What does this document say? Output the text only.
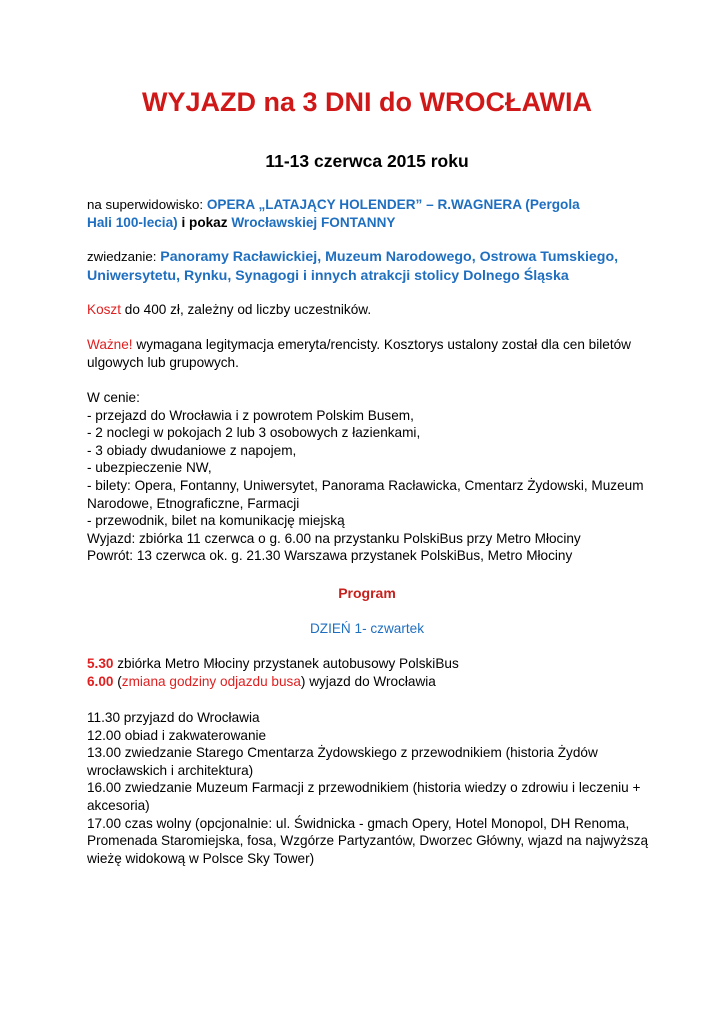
WYJAZD na 3 DNI do WROCŁAWIA
11-13 czerwca 2015 roku
na superwidowisko: OPERA „LATAJĄCY HOLENDER” – R.WAGNERA (Pergola
Hali 100-lecia) i pokaz Wrocławskiej FONTANNY
zwiedzanie: Panoramy Racławickiej, Muzeum Narodowego, Ostrowa Tumskiego,
Uniwersytetu, Rynku, Synagogi i innych atrakcji stolicy Dolnego Śląska
Koszt do 400 zł, zależny od liczby uczestników.
Ważne! wymagana legitymacja emeryta/rencisty. Kosztorys ustalony został dla cen biletów
ulgowych lub grupowych.
W cenie:
- przejazd do Wrocławia i z powrotem Polskim Busem,
- 2 noclegi w pokojach 2 lub 3 osobowych z łazienkami,
- 3 obiady dwudaniowe z napojem,
- ubezpieczenie NW,
- bilety: Opera, Fontanny, Uniwersytet, Panorama Racławicka, Cmentarz Żydowski, Muzeum
Narodowe, Etnograficzne, Farmacji
- przewodnik, bilet na komunikację miejską
Wyjazd: zbiórka 11 czerwca o g. 6.00 na przystanku PolskiBus przy Metro Młociny
Powrót: 13 czerwca ok. g. 21.30 Warszawa przystanek PolskiBus, Metro Młociny
Program
DZIEŃ 1- czwartek
5.30 zbiórka Metro Młociny przystanek autobusowy PolskiBus
6.00 (zmiana godziny odjazdu busa) wyjazd do Wrocławia
11.30 przyjazd do Wrocławia
12.00 obiad i zakwaterowanie
13.00 zwiedzanie Starego Cmentarza Żydowskiego z przewodnikiem (historia Żydów
wrocławskich i architektura)
16.00 zwiedzanie Muzeum Farmacji z przewodnikiem (historia wiedzy o zdrowiu i leczeniu +
akcesoria)
17.00 czas wolny (opcjonalnie: ul. Świdnicka - gmach Opery, Hotel Monopol, DH Renoma,
Promenada Staromiejska, fosa, Wzgórze Partyzantów, Dworzec Główny, wjazd na najwyższą
wieżę widokową w Polsce Sky Tower)
